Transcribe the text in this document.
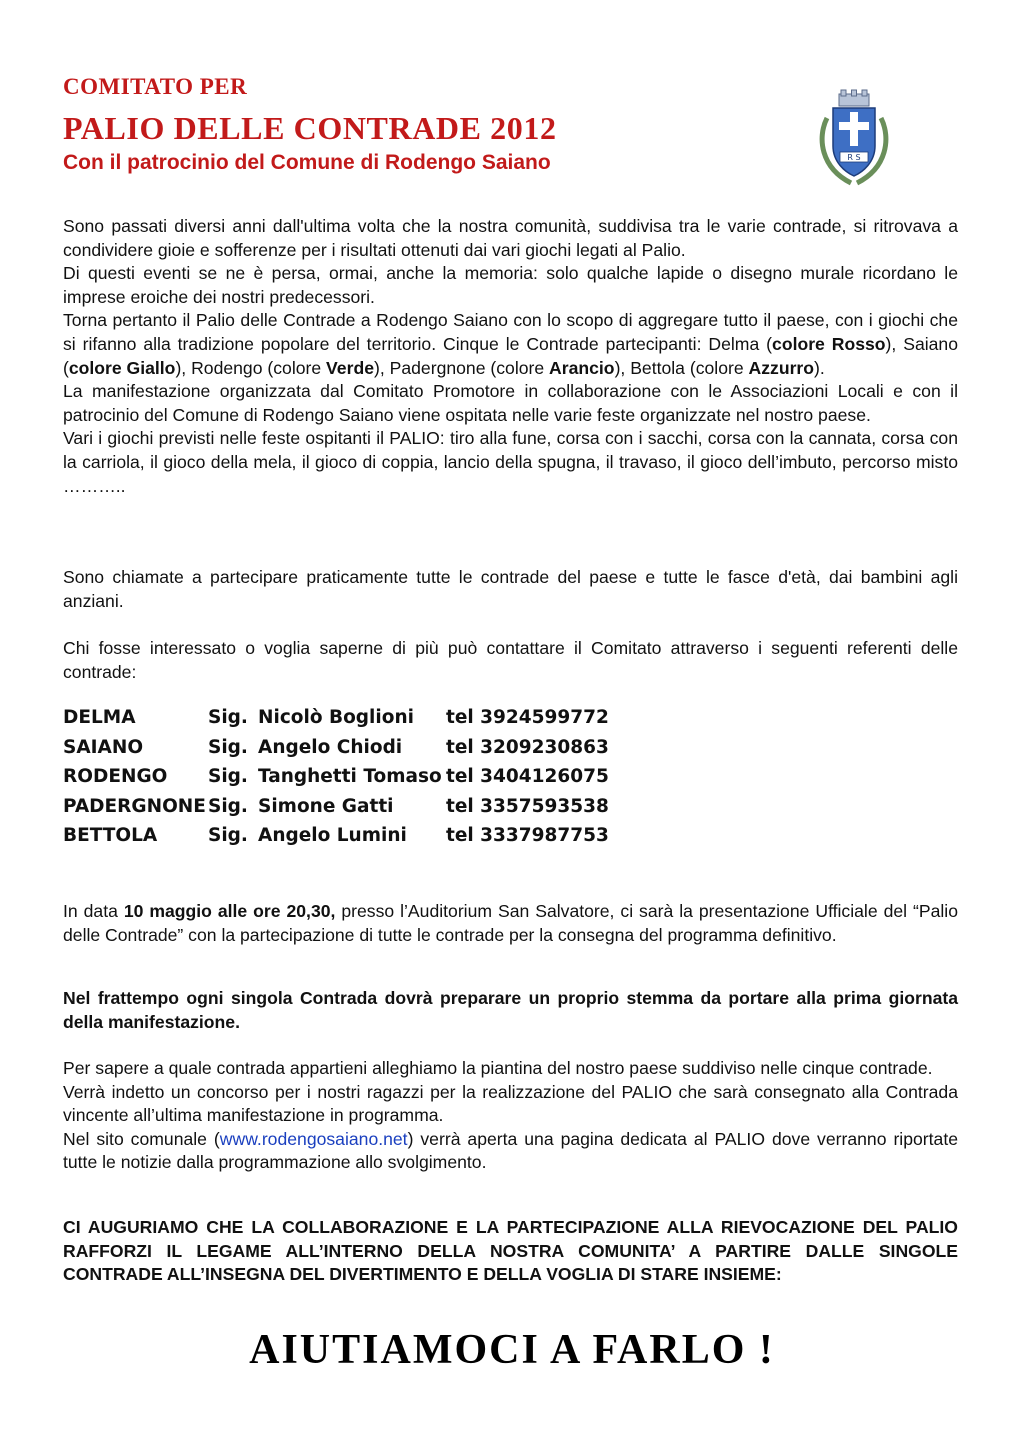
COMITATO PER
PALIO DELLE CONTRADE 2012
Con il patrocinio del Comune di Rodengo Saiano	R S

Sono passati diversi anni dall'ultima volta che la nostra comunità, suddivisa tra le varie contrade, si ritrovava a condividere gioie e sofferenze per i risultati ottenuti dai vari giochi legati al Palio.

Di questi eventi se ne è persa, ormai, anche la memoria: solo qualche lapide o disegno murale ricordano le imprese eroiche dei nostri predecessori.

Torna pertanto il Palio delle Contrade a Rodengo Saiano con lo scopo di aggregare tutto il paese, con i giochi che si rifanno alla tradizione popolare del territorio. Cinque le Contrade partecipanti: Delma (colore Rosso), Saiano (colore Giallo), Rodengo (colore Verde), Padergnone (colore Arancio), Bettola (colore Azzurro).

La manifestazione organizzata dal Comitato Promotore in collaborazione con le Associazioni Locali e con il patrocinio del Comune di Rodengo Saiano viene ospitata nelle varie feste organizzate nel nostro paese.

Vari i giochi previsti nelle feste ospitanti il PALIO: tiro alla fune, corsa con i sacchi, corsa con la cannata, corsa con la carriola, il gioco della mela, il gioco di coppia, lancio della spugna, il travaso, il gioco dell’imbuto, percorso misto ………..

Sono chiamate a partecipare praticamente tutte le contrade del paese e tutte le fasce d'età, dai bambini agli anziani.
Chi fosse interessato o voglia saperne di più può contattare il Comitato attraverso i seguenti referenti delle contrade:
DELMA	Sig. Nicolò Boglioni tel 3924599772
SAIANO	Sig. Angelo Chiodi tel 3209230863
RODENGO Sig. Tanghetti Tomaso tel 3404126075
PADERGNONE Sig. Simone Gatti	tel 3357593538
BETTOLA	Sig. Angelo Lumini tel 3337987753
In data 10 maggio alle ore 20,30, presso l’Auditorium San Salvatore, ci sarà la presentazione Ufficiale del “Palio delle Contrade” con la partecipazione di tutte le contrade per la consegna del programma definitivo.
Nel frattempo ogni singola Contrada dovrà preparare un proprio stemma da portare alla prima giornata della manifestazione.

Per sapere a quale contrada appartieni alleghiamo la piantina del nostro paese suddiviso nelle cinque contrade.

Verrà indetto un concorso per i nostri ragazzi per la realizzazione del PALIO che sarà consegnato alla Contrada vincente all’ultima manifestazione in programma.

Nel sito comunale (www.rodengosaiano.net) verrà aperta una pagina dedicata al PALIO dove verranno riportate tutte le notizie dalla programmazione allo svolgimento.

CI AUGURIAMO CHE LA COLLABORAZIONE E LA PARTECIPAZIONE ALLA RIEVOCAZIONE DEL PALIO RAFFORZI IL LEGAME ALL’INTERNO DELLA NOSTRA COMUNITA’ A PARTIRE DALLE SINGOLE CONTRADE ALL’INSEGNA DEL DIVERTIMENTO E DELLA VOGLIA DI STARE INSIEME:
AIUTIAMOCI A FARLO !
